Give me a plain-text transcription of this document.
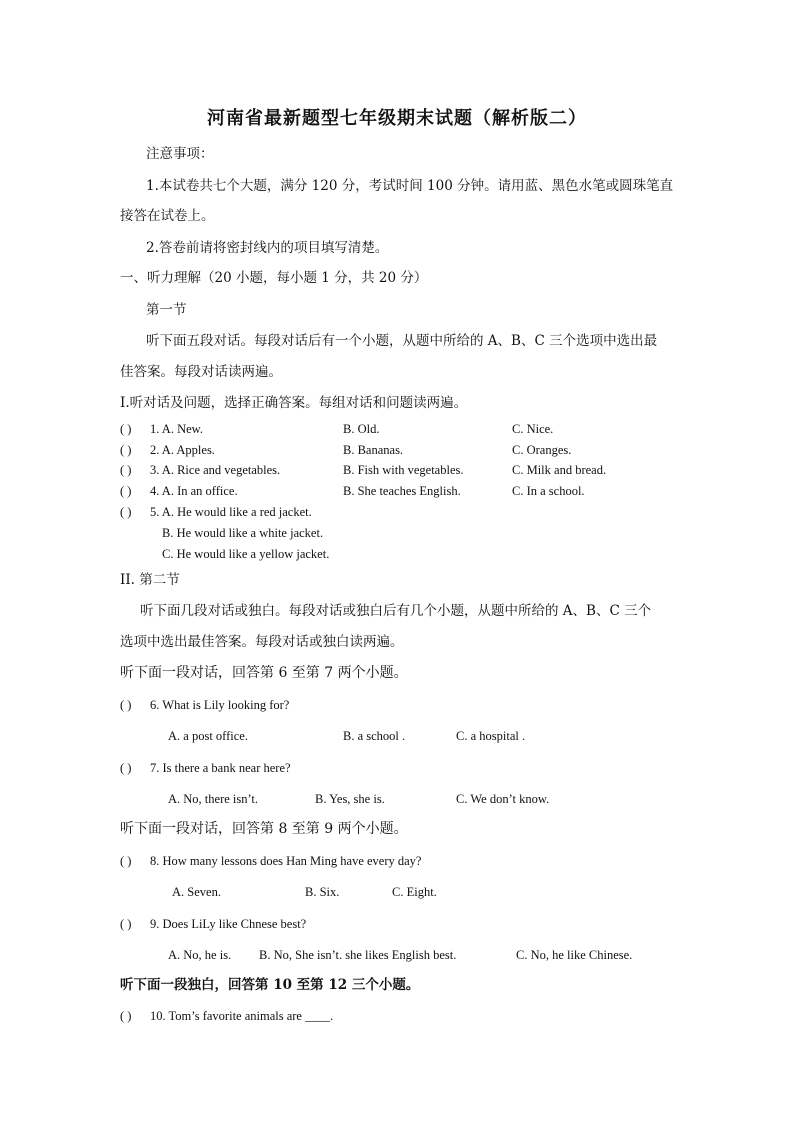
河南省最新题型七年级期末试题（解析版二）
注意事项：
1.本试卷共七个大题，满分 120 分，考试时间 100 分钟。请用蓝、黑色水笔或圆珠笔直
接答在试卷上。
2.答卷前请将密封线内的项目填写清楚。
一、听力理解（20 小题，每小题 1 分，共 20 分）
第一节
听下面五段对话。每段对话后有一个小题，从题中所给的 A、B、C 三个选项中选出最
佳答案。每段对话读两遍。
I.听对话及问题，选择正确答案。每组对话和问题读两遍。
( ) 1. A. New.	B. Old.	C. Nice.
( ) 2. A. Apples.	B. Bananas.	C. Oranges.
( ) 3. A. Rice and vegetables.	B. Fish with vegetables.	C. Milk and bread.
( ) 4. A. In an office.	B. She teaches English.	C. In a school.
( ) 5. A. He would like a red jacket.
B. He would like a white jacket.
C. He would like a yellow jacket.
II. 第二节
听下面几段对话或独白。每段对话或独白后有几个小题，从题中所给的 A、B、C 三个
选项中选出最佳答案。每段对话或独白读两遍。
听下面一段对话，回答第 6 至第 7 两个小题。
( ) 6. What is Lily looking for?
A. a post office.	B. a school .	C. a hospital .
( ) 7. Is there a bank near here?
A. No, there isn’t.	B. Yes, she is.	C. We don’t know.
听下面一段对话，回答第 8 至第 9 两个小题。
( ) 8. How many lessons does Han Ming have every day?
A. Seven.	B. Six.	C. Eight.
( ) 9. Does LiLy like Chnese best?
A. No, he is. B. No, She isn’t. she likes English best.	C. No, he like Chinese.
听下面一段独白，回答第 10 至第 12 三个小题。
( ) 10. Tom’s favorite animals are ____.
